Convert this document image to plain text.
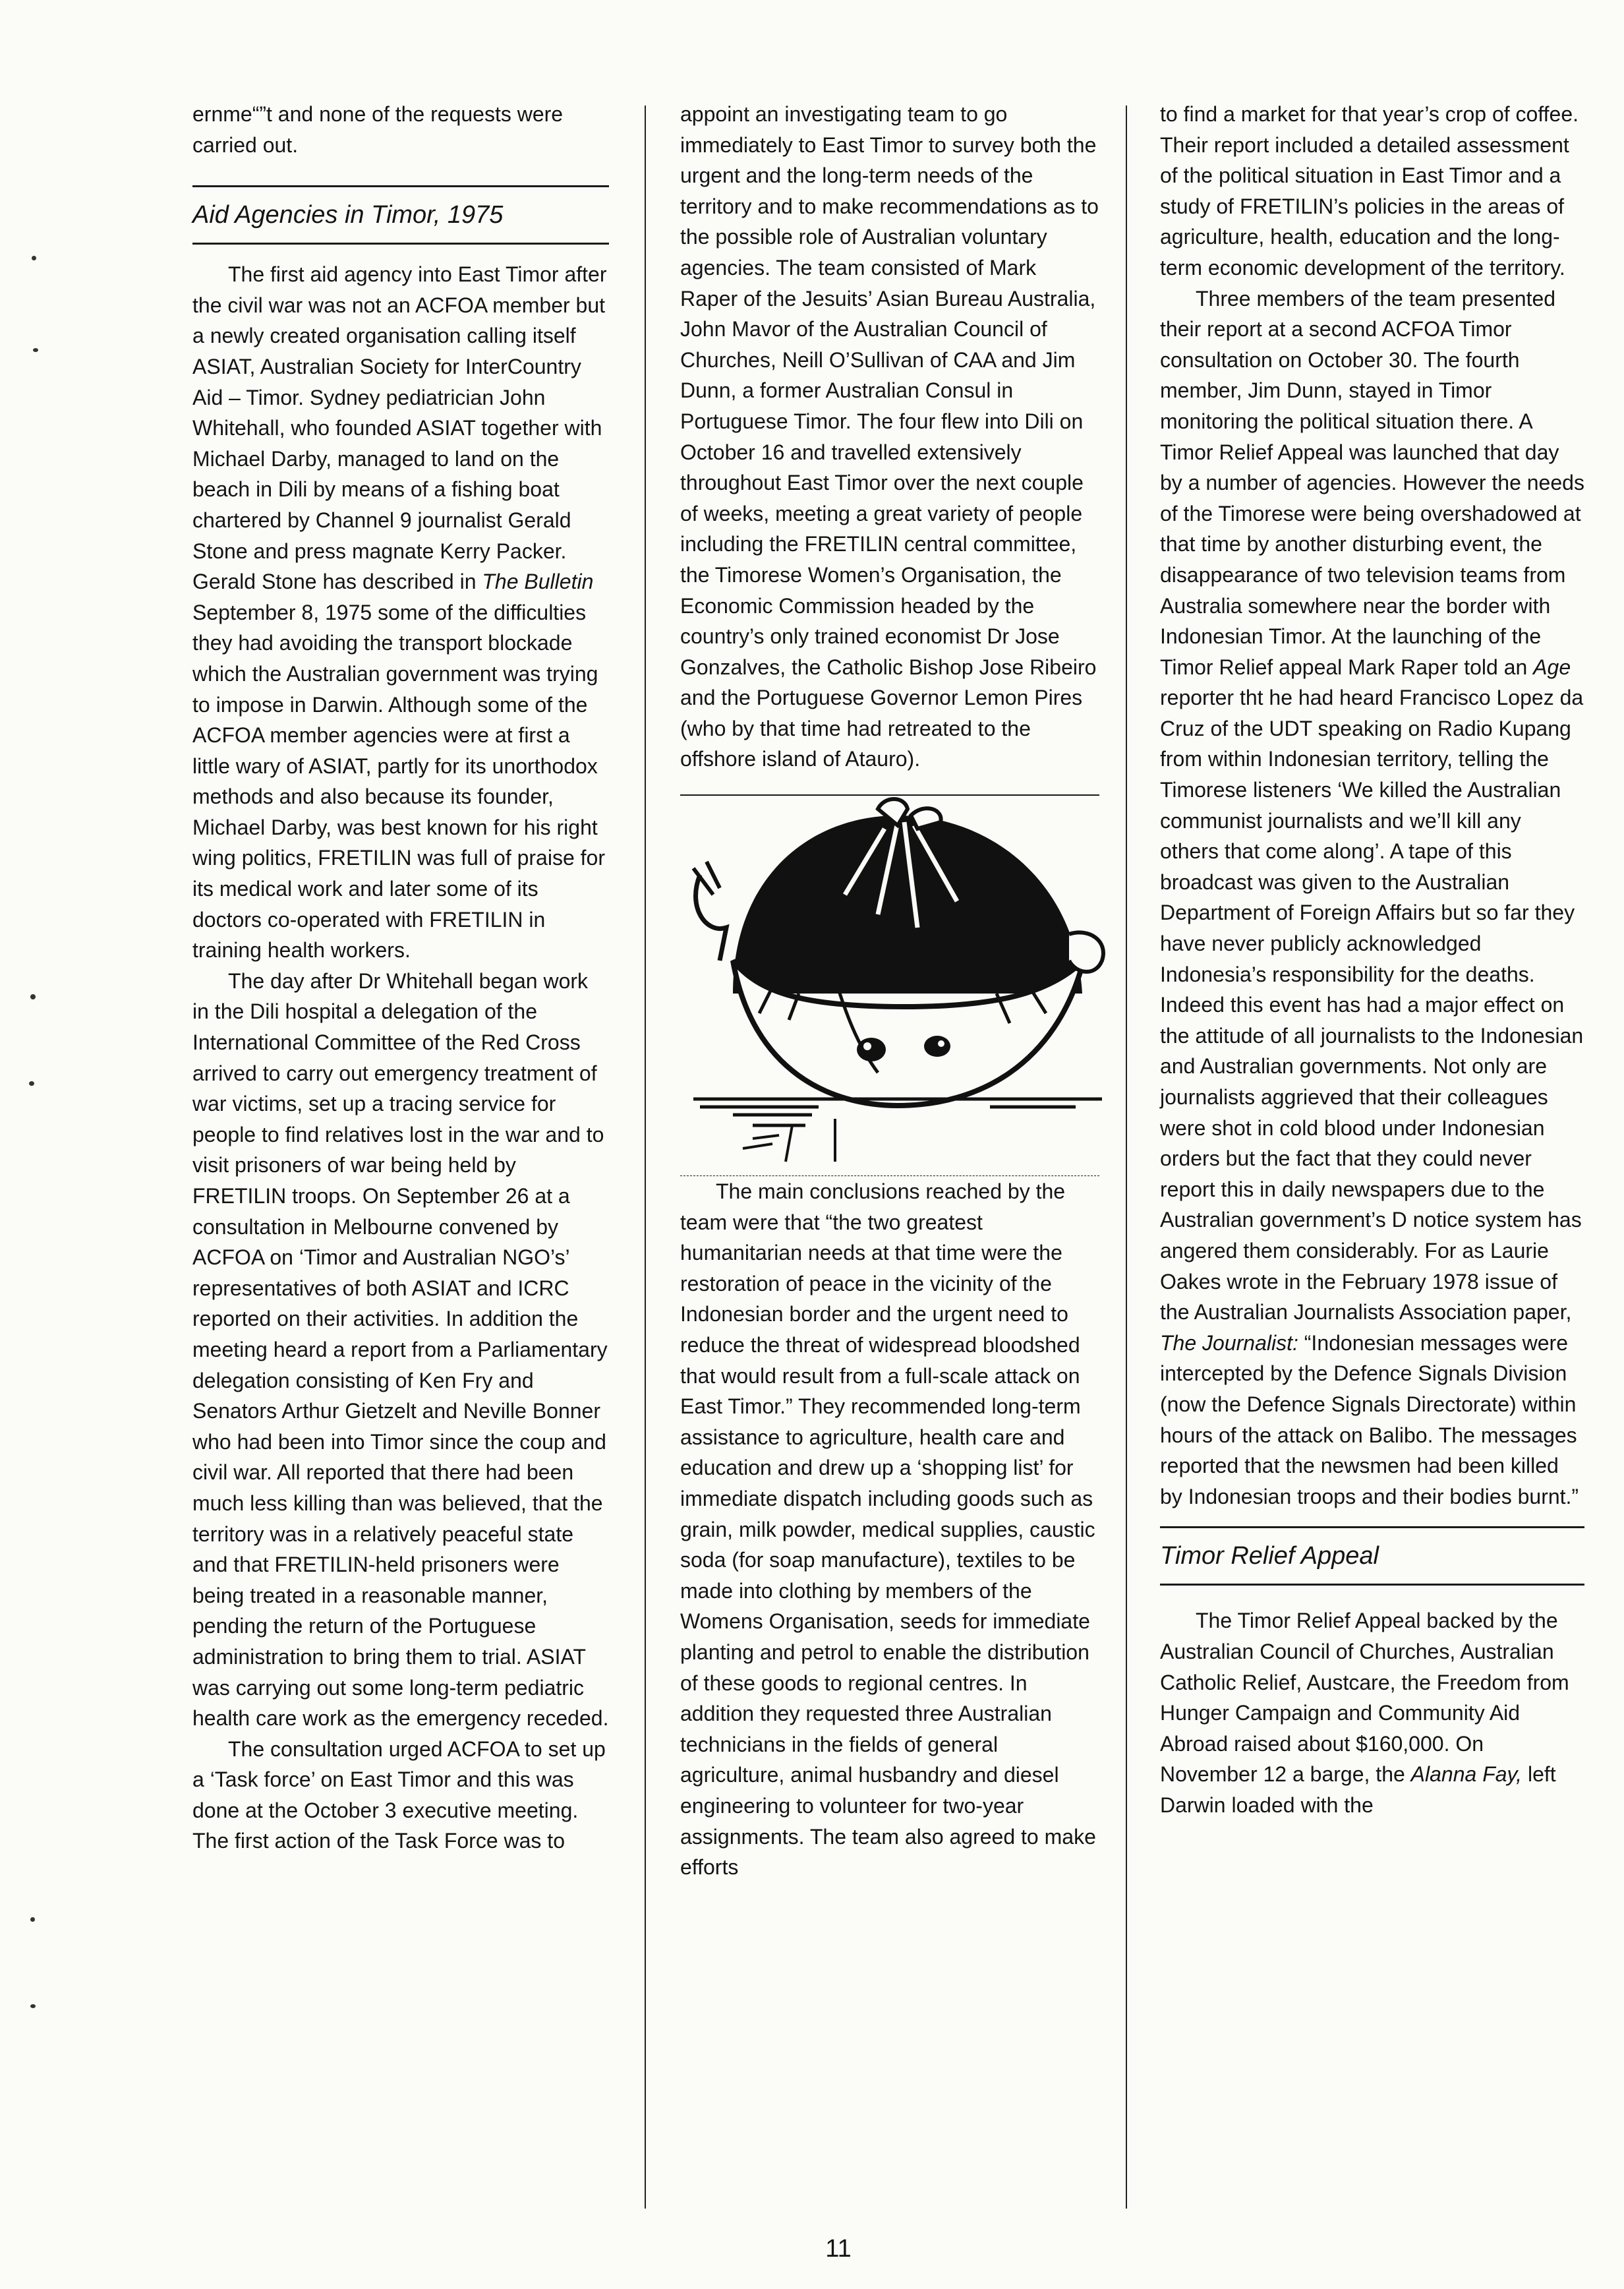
ernme“”t and none of the requests were carried out.

Aid Agencies in Timor, 1975

The first aid agency into East Timor after the civil war was not an ACFOA member but a newly created organisation calling itself ASIAT, Australian Society for InterCountry Aid – Timor. Sydney pediatrician John Whitehall, who founded ASIAT together with Michael Darby, managed to land on the beach in Dili by means of a fishing boat chartered by Channel 9 journalist Gerald Stone and press magnate Kerry Packer. Gerald Stone has described in The Bulletin September 8, 1975 some of the difficulties they had avoiding the transport blockade which the Australian government was trying to impose in Darwin. Although some of the ACFOA member agencies were at first a little wary of ASIAT, partly for its unorthodox methods and also because its founder, Michael Darby, was best known for his right wing politics, FRETILIN was full of praise for its medical work and later some of its doctors co-operated with FRETILIN in training health workers.

The day after Dr Whitehall began work in the Dili hospital a delegation of the International Committee of the Red Cross arrived to carry out emergency treatment of war victims, set up a tracing service for people to find relatives lost in the war and to visit prisoners of war being held by FRETILIN troops. On September 26 at a consultation in Melbourne convened by ACFOA on ‘Timor and Australian NGO’s’ representatives of both ASIAT and ICRC reported on their activities. In addition the meeting heard a report from a Parliamentary delegation consisting of Ken Fry and Senators Arthur Gietzelt and Neville Bonner who had been into Timor since the coup and civil war. All reported that there had been much less killing than was believed, that the territory was in a relatively peaceful state and that FRETILIN-held prisoners were being treated in a reasonable manner, pending the return of the Portuguese administration to bring them to trial. ASIAT was carrying out some long-term pediatric health care work as the emergency receded.

The consultation urged ACFOA to set up a ‘Task force’ on East Timor and this was done at the October 3 executive meeting. The first action of the Task Force was to

appoint an investigating team to go immediately to East Timor to survey both the urgent and the long-term needs of the territory and to make recommendations as to the possible role of Australian voluntary agencies. The team consisted of Mark Raper of the Jesuits’ Asian Bureau Australia, John Mavor of the Australian Council of Churches, Neill O’Sullivan of CAA and Jim Dunn, a former Australian Consul in Portuguese Timor. The four flew into Dili on October 16 and travelled extensively throughout East Timor over the next couple of weeks, meeting a great variety of people including the FRETILIN central committee, the Timorese Women’s Organisation, the Economic Commission headed by the country’s only trained economist Dr Jose Gonzalves, the Catholic Bishop Jose Ribeiro and the Portuguese Governor Lemon Pires (who by that time had retreated to the offshore island of Atauro).

The main conclusions reached by the team were that “the two greatest humanitarian needs at that time were the restoration of peace in the vicinity of the Indonesian border and the urgent need to reduce the threat of widespread bloodshed that would result from a full-scale attack on East Timor.” They recommended long-term assistance to agriculture, health care and education and drew up a ‘shopping list’ for immediate dispatch including goods such as grain, milk powder, medical supplies, caustic soda (for soap manufacture), textiles to be made into clothing by members of the Womens Organisation, seeds for immediate planting and petrol to enable the distribution of these goods to regional centres. In addition they requested three Australian technicians in the fields of general agriculture, animal husbandry and diesel engineering to volunteer for two-year assignments. The team also agreed to make efforts

to find a market for that year’s crop of coffee. Their report included a detailed assessment of the political situation in East Timor and a study of FRETILIN’s policies in the areas of agriculture, health, education and the long-term economic development of the territory.

Three members of the team presented their report at a second ACFOA Timor consultation on October 30. The fourth member, Jim Dunn, stayed in Timor monitoring the political situation there. A Timor Relief Appeal was launched that day by a number of agencies. However the needs of the Timorese were being overshadowed at that time by another disturbing event, the disappearance of two television teams from Australia somewhere near the border with Indonesian Timor. At the launching of the Timor Relief appeal Mark Raper told an Age reporter tht he had heard Francisco Lopez da Cruz of the UDT speaking on Radio Kupang from within Indonesian territory, telling the Timorese listeners ‘We killed the Australian communist journalists and we’ll kill any others that come along’. A tape of this broadcast was given to the Australian Department of Foreign Affairs but so far they have never publicly acknowledged Indonesia’s responsibility for the deaths. Indeed this event has had a major effect on the attitude of all journalists to the Indonesian and Australian governments. Not only are journalists aggrieved that their colleagues were shot in cold blood under Indonesian orders but the fact that they could never report this in daily newspapers due to the Australian government’s D notice system has angered them considerably. For as Laurie Oakes wrote in the February 1978 issue of the Australian Journalists Association paper, The Journalist: “Indonesian messages were intercepted by the Defence Signals Division (now the Defence Signals Directorate) within hours of the attack on Balibo. The messages reported that the newsmen had been killed by Indonesian troops and their bodies burnt.”

Timor Relief Appeal

The Timor Relief Appeal backed by the Australian Council of Churches, Australian Catholic Relief, Austcare, the Freedom from Hunger Campaign and Community Aid Abroad raised about $160,000. On November 12 a barge, the Alanna Fay, left Darwin loaded with the

11
